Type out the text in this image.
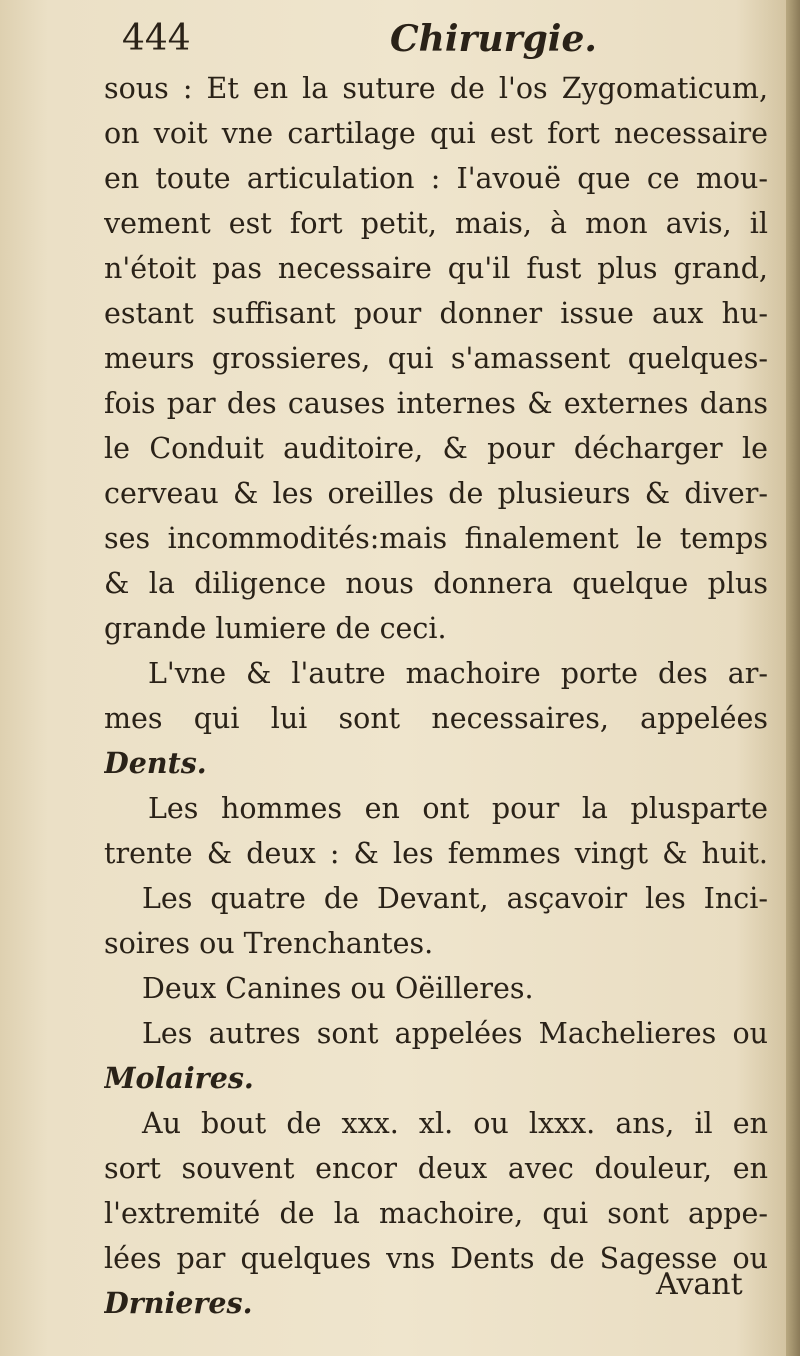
444	Chirurgie.
sous : Et en la suture de l'os Zygomaticum,
on voit vne cartilage qui est fort necessaire
en toute articulation : I'avouë que ce mou-
vement est fort petit, mais, à mon avis, il
n'étoit pas necessaire qu'il fust plus grand,
estant suffisant pour donner issue aux hu-
meurs grossieres, qui s'amassent quelques-
fois par des causes internes & externes dans
le Conduit auditoire, & pour décharger le
cerveau & les oreilles de plusieurs & diver-
ses incommodités:mais finalement le temps
& la diligence nous donnera quelque plus
grande lumiere de ceci.
L'vne & l'autre machoire porte des ar-
mes qui lui sont necessaires, appelées
Dents.
Les hommes en ont pour la plusparte
trente & deux : & les femmes vingt & huit.
Les quatre de Devant, asçavoir les Inci-
soires ou Trenchantes.
Deux Canines ou Oëilleres.
Les autres sont appelées Machelieres ou
Molaires.
Au bout de xxx. xl. ou lxxx. ans, il en
sort souvent encor deux avec douleur, en
l'extremité de la machoire, qui sont appe-
lées par quelques vns Dents de Sagesse ou
Drnieres.
Avant
